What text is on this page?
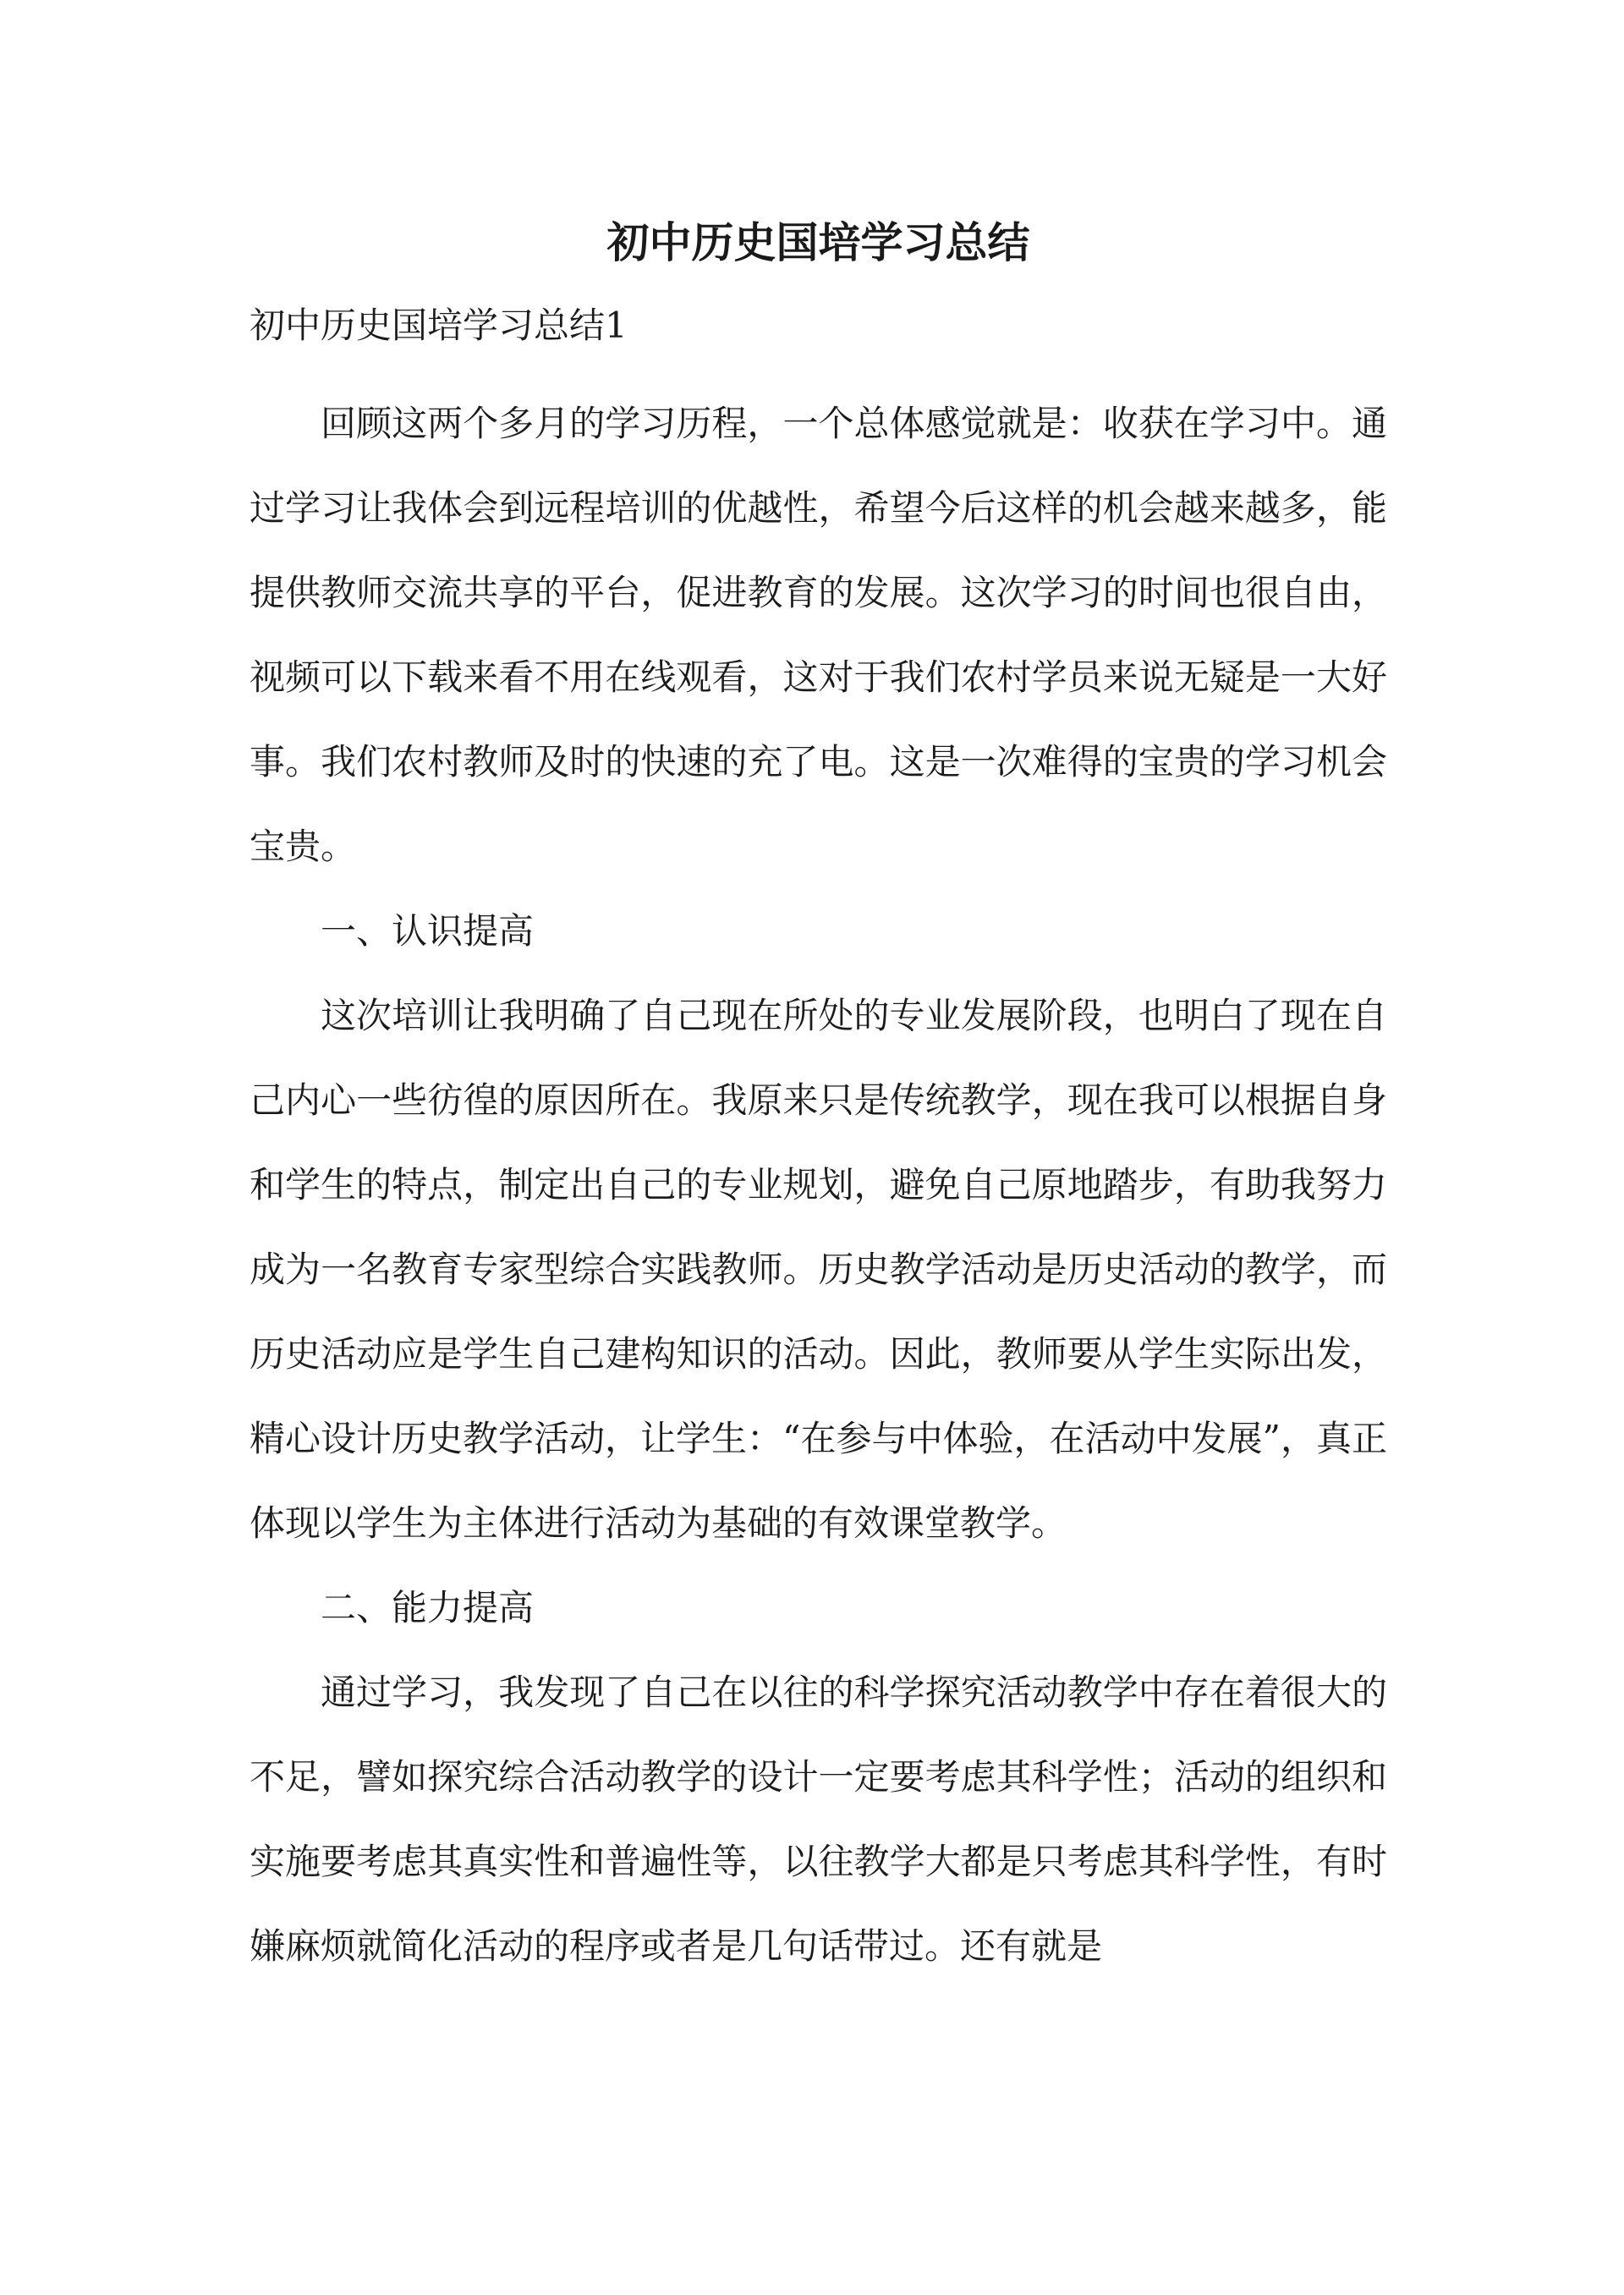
初中历史国培学习总结

初中历史国培学习总结1

回顾这两个多月的学习历程，一个总体感觉就是：收获在学习中。通过学习让我体会到远程培训的优越性，希望今后这样的机会越来越多，能提供教师交流共享的平台，促进教育的发展。这次学习的时间也很自由，视频可以下载来看不用在线观看，这对于我们农村学员来说无疑是一大好事。我们农村教师及时的快速的充了电。这是一次难得的宝贵的学习机会宝贵。

一、认识提高

这次培训让我明确了自己现在所处的专业发展阶段，也明白了现在自己内心一些彷徨的原因所在。我原来只是传统教学，现在我可以根据自身和学生的特点，制定出自己的专业规划，避免自己原地踏步，有助我努力成为一名教育专家型综合实践教师。历史教学活动是历史活动的教学，而历史活动应是学生自己建构知识的活动。因此，教师要从学生实际出发，精心设计历史教学活动，让学生：“在参与中体验，在活动中发展”，真正体现以学生为主体进行活动为基础的有效课堂教学。

二、能力提高

通过学习，我发现了自己在以往的科学探究活动教学中存在着很大的不足，譬如探究综合活动教学的设计一定要考虑其科学性；活动的组织和实施要考虑其真实性和普遍性等，以往教学大都是只考虑其科学性，有时嫌麻烦就简化活动的程序或者是几句话带过。还有就是
